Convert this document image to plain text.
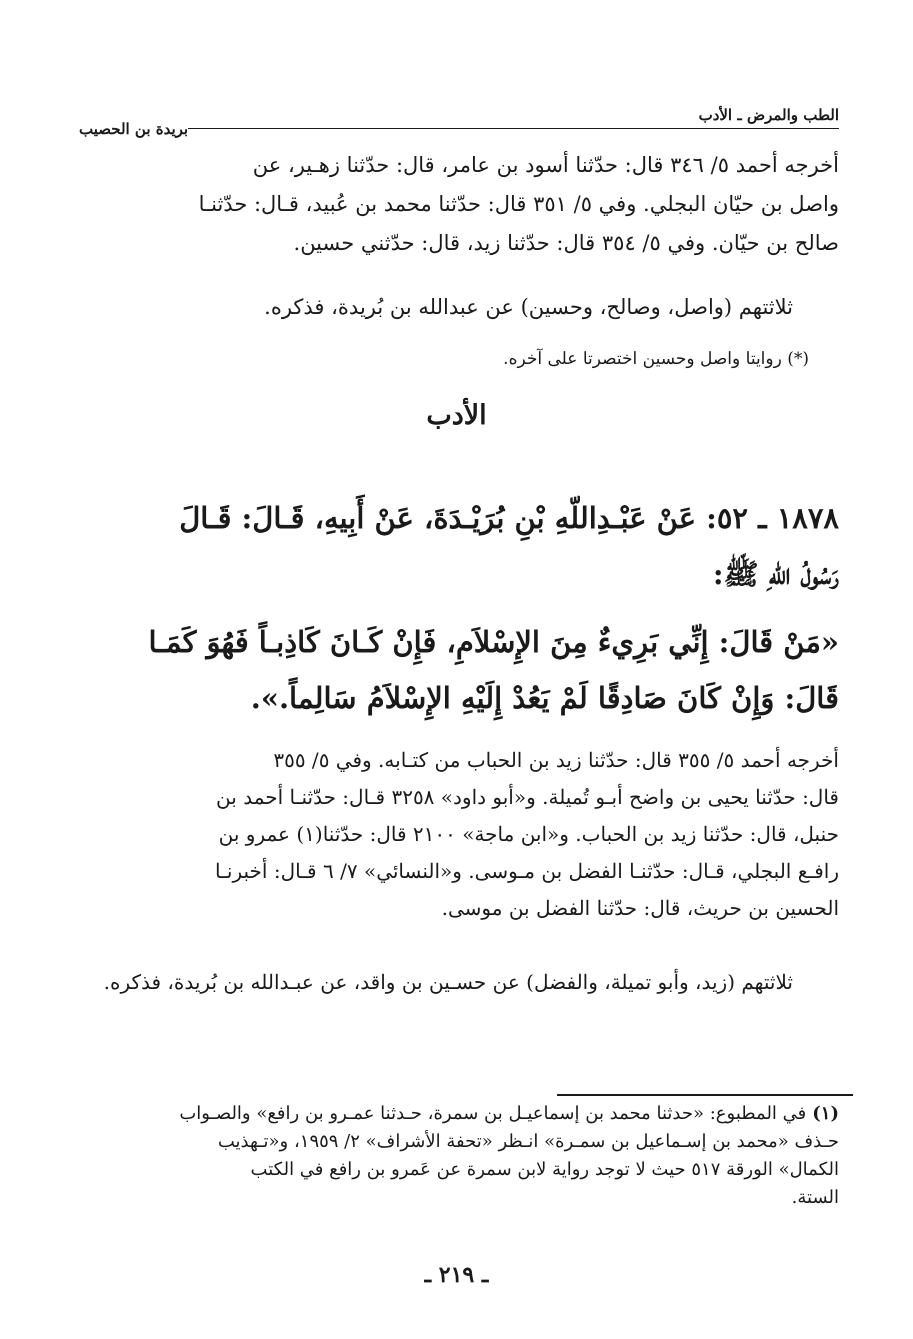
الطب والمرض ـ الأدب
بريدة بن الحصيب
أخرجه أحمد ٥/ ٣٤٦ قال: حدّثنا أسود بن عامر، قال: حدّثنا زهـير، عن
واصل بن حيّان البجلي. وفي ٥/ ٣٥١ قال: حدّثنا محمد بن عُبيد، قـال: حدّثنـا
صالح بن حيّان. وفي ٥/ ٣٥٤ قال: حدّثنا زيد، قال: حدّثني حسين.
ثلاثتهم (واصل، وصالح، وحسين) عن عبدالله بن بُريدة، فذكره.
(*) روايتا واصل وحسين اختصرتا على آخره.
الأدب
١٨٧٨ ـ ٥٢: عَنْ عَبْـدِاللّهِ بْنِ بُرَيْـدَةَ، عَنْ أَبِيهِ، قَـالَ: قَـالَ
رَسُولُ اللّهِ ﷺ:
«مَنْ قَالَ: إِنِّي بَرِيءٌ مِنَ الإِسْلاَمِ، فَإِنْ كَـانَ كَاذِبـاً فَهُوَ كَمَـا
قَالَ: وَإِنْ كَانَ صَادِقًا لَمْ يَعُدْ إِلَيْهِ الإِسْلاَمُ سَالِماً.».
أخرجه أحمد ٥/ ٣٥٥ قال: حدّثنا زيد بن الحباب من كتـابه. وفي ٥/ ٣٥٥
قال: حدّثنا يحيى بن واضح أبـو تُميلة. و«أبو داود» ٣٢٥٨ قـال: حدّثنـا أحمد بن
حنبل، قال: حدّثنا زيد بن الحباب. و«ابن ماجة» ٢١٠٠ قال: حدّثنا(١) عمرو بن
رافـع البجلي، قـال: حدّثنـا الفضل بن مـوسى. و«النسائي» ٧/ ٦ قـال: أخبرنـا
الحسين بن حريث، قال: حدّثنا الفضل بن موسى.
ثلاثتهم (زيد، وأبو تميلة، والفضل) عن حسـين بن واقد، عن عبـدالله بن بُريدة، فذكره.
(١)في المطبوع: «حدثنا محمد بن إسماعيـل بن سمرة، حـدثنا عمـرو بن رافع» والصـواب
حـذف «محمد بن إسـماعيل بن سمـرة» انـظر «تحفة الأشراف» ٢/ ١٩٥٩، و«تـهذيب
الكمال» الورقة ٥١٧ حيث لا توجد رواية لابن سمرة عن عَمرو بن رافع في الكتب
الستة.
ـ ٢١٩ ـ
